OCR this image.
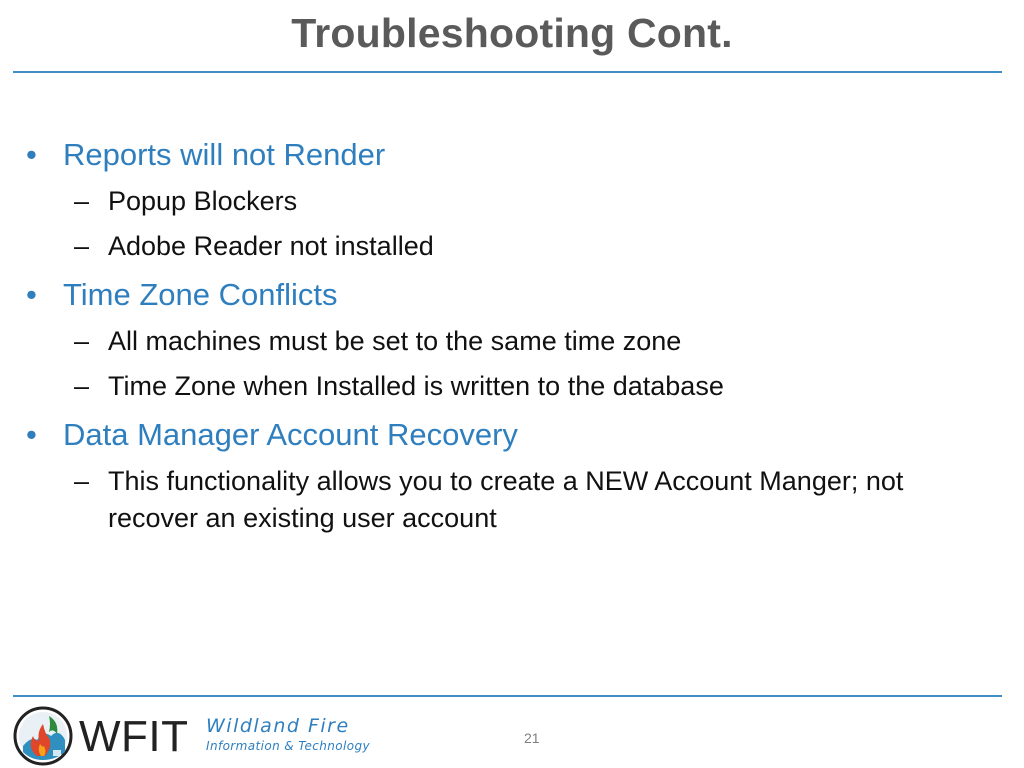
Troubleshooting Cont.
• Reports will not Render
– Popup Blockers
– Adobe Reader not installed
• Time Zone Conflicts
– All machines must be set to the same time zone
– Time Zone when Installed is written to the database
• Data Manager Account Recovery
– This functionality allows you to create a NEW Account Manger; not recover an existing user account
WFIT Wildland Fire
Information & Technology	21
